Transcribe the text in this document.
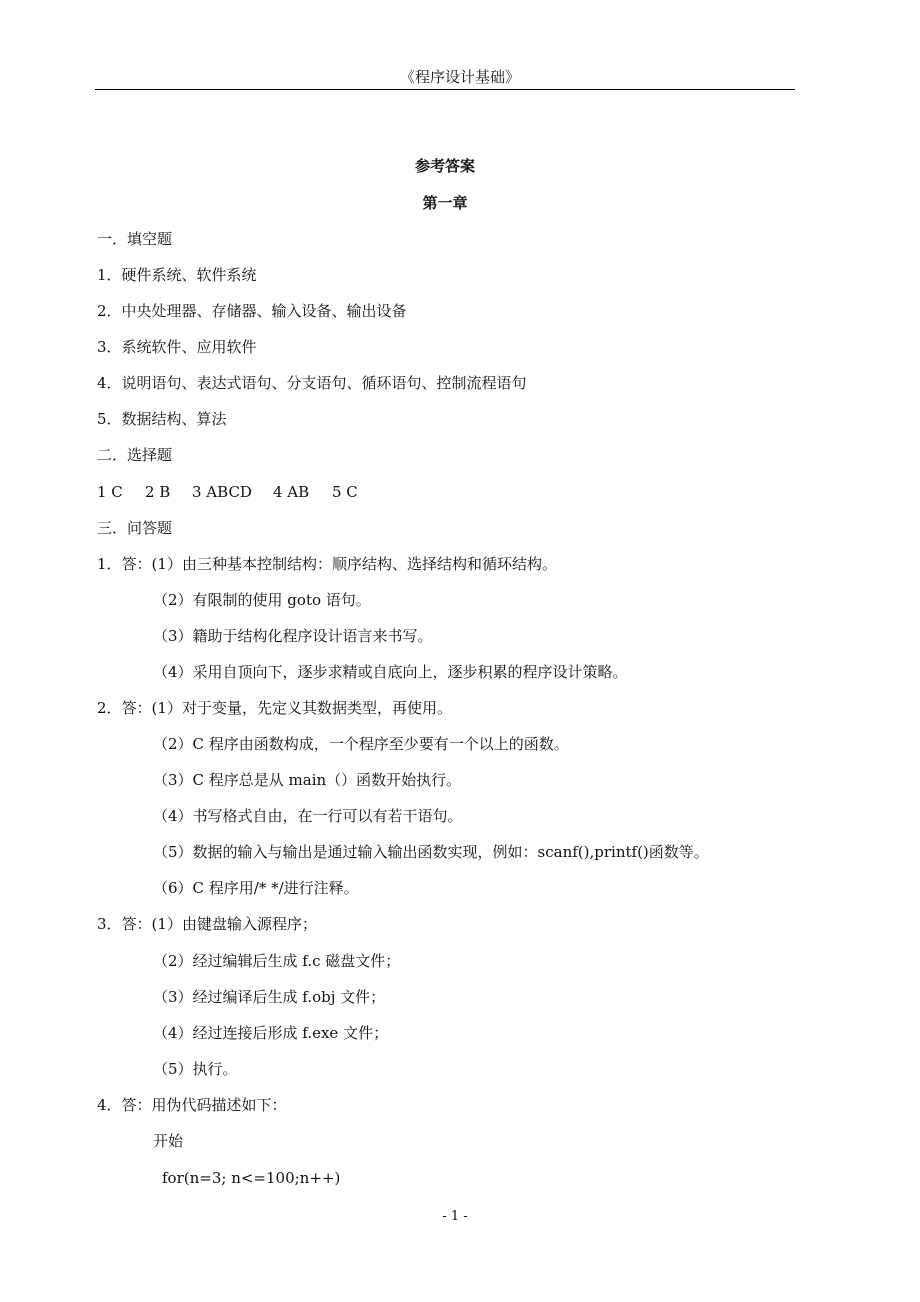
《程序设计基础》
参考答案
第一章
一．填空题
1．硬件系统、软件系统
2．中央处理器、存储器、输入设备、输出设备
3．系统软件、应用软件
4．说明语句、表达式语句、分支语句、循环语句、控制流程语句
5．数据结构、算法
二．选择题
1 C 2 B 3 ABCD 4 AB 5 C
三．问答题
1．答：(1）由三种基本控制结构：顺序结构、选择结构和循环结构。
（2）有限制的使用 goto 语句。
（3）籍助于结构化程序设计语言来书写。
（4）采用自顶向下，逐步求精或自底向上，逐步积累的程序设计策略。
2．答：(1）对于变量，先定义其数据类型，再使用。
（2）C 程序由函数构成，一个程序至少要有一个以上的函数。
（3）C 程序总是从 main（）函数开始执行。
（4）书写格式自由，在一行可以有若干语句。
（5）数据的输入与输出是通过输入输出函数实现，例如：scanf(),printf()函数等。
（6）C 程序用/* */进行注释。
3．答：(1）由键盘输入源程序；
（2）经过编辑后生成 f.c 磁盘文件；
（3）经过编译后生成 f.obj 文件；
（4）经过连接后形成 f.exe 文件；
（5）执行。
4．答：用伪代码描述如下：
开始
for(n=3; n<=100;n++)
- 1 -
